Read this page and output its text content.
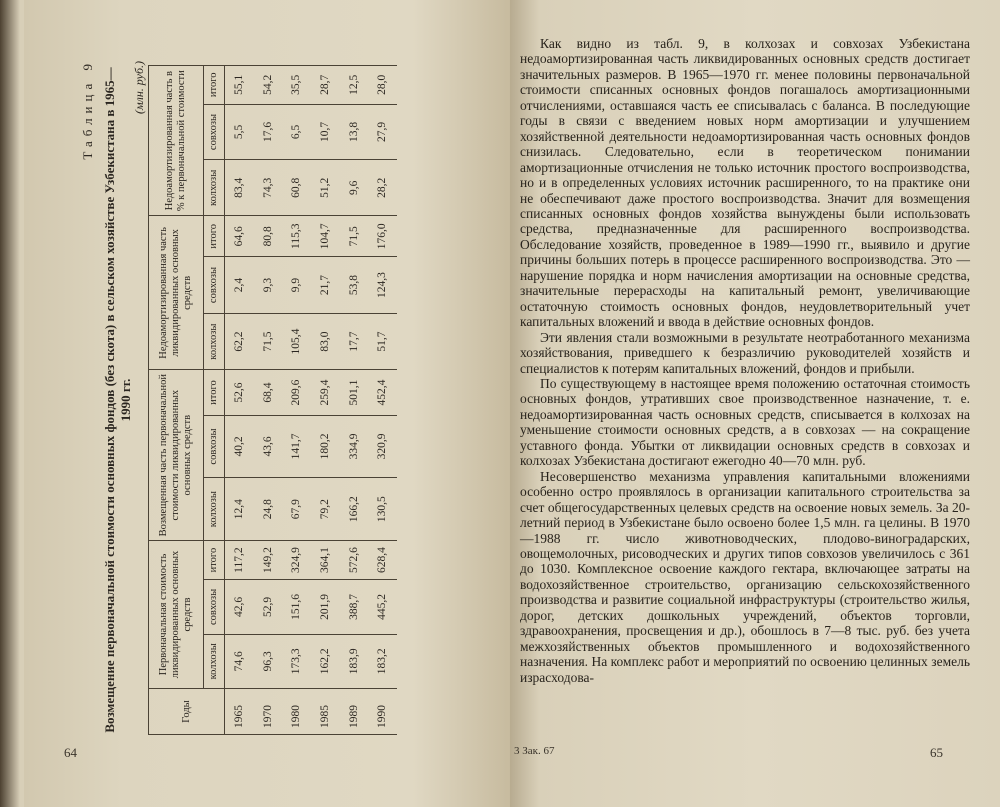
Таблица 9 Возмещение первоначальной стоимости основных фондов (без скота) в сельском хозяйстве Узбекистана в 1965—1990 гг.
(млн. руб.)
Годы	Первоначальная стоимость ликвидированных основных средств			Возмещенная часть первоначальной стоимости ликвидированных основных средств			Недоамортизированная часть ликвидированных основных средств			Недоамортизированная часть в % к первоначальной стоимости		
	колхозы	совхозы	итого	колхозы	совхозы	итого	колхозы	совхозы	итого	колхозы	совхозы	итого
1965	74,6	42,6	117,2	12,4	40,2	52,6	62,2	2,4	64,6	83,4	5,5	55,1
1970	96,3	52,9	149,2	24,8	43,6	68,4	71,5	9,3	80,8	74,3	17,6	54,2
1980	173,3	151,6	324,9	67,9	141,7	209,6	105,4	9,9	115,3	60,8	6,5	35,5
1985	162,2	201,9	364,1	79,2	180,2	259,4	83,0	21,7	104,7	51,2	10,7	28,7
1989	183,9	388,7	572,6	166,2	334,9	501,1	17,7	53,8	71,5	9,6	13,8	12,5
1990	183,2	445,2	628,4	130,5	320,9	452,4	51,7	124,3	176,0	28,2	27,9	28,0
64

Как видно из табл. 9, в колхозах и совхозах Узбекистана недоамортизированная часть ликвидированных основных средств достигает значительных размеров. В 1965—1970 гг. менее половины первоначальной стоимости списанных основных фондов погашалось амортизационными отчислениями, оставшаяся часть ее списывалась с баланса. В последующие годы в связи с введением новых норм амортизации и улучшением хозяйственной деятельности недоамортизированная часть основных фондов снизилась. Следовательно, если в теоретическом понимании амортизационные отчисления не только источник простого воспроизводства, но и в определенных условиях источник расширенного, то на практике они не обеспечивают даже простого воспроизводства. Значит для возмещения списанных основных фондов хозяйства вынуждены были использовать средства, предназначенные для расширенного воспроизводства. Обследование хозяйств, проведенное в 1989—1990 гг., выявило и другие причины больших потерь в процессе расширенного воспроизводства. Это — нарушение порядка и норм начисления амортизации на основные средства, значительные перерасходы на капитальный ремонт, увеличивающие остаточную стоимость основных фондов, неудовлетворительный учет капитальных вложений и ввода в действие основных фондов.

Эти явления стали возможными в результате неотработанного механизма хозяйствования, приведшего к безразличию руководителей хозяйств и специалистов к потерям капитальных вложений, фондов и прибыли.

По существующему в настоящее время положению остаточная стоимость основных фондов, утративших свое производственное назначение, т. е. недоамортизированная часть основных средств, списывается в колхозах на уменьшение стоимости основных средств, а в совхозах — на сокращение уставного фонда. Убытки от ликвидации основных средств в совхозах и колхозах Узбекистана достигают ежегодно 40—70 млн. руб.

Несовершенство механизма управления капитальными вложениями особенно остро проявлялось в организации капитального строительства за счет общегосударственных целевых средств на освоение новых земель. За 20-летний период в Узбекистане было освоено более 1,5 млн. га целины. В 1970—1988 гг. число животноводческих, плодово-виноградарских, овощемолочных, рисоводческих и других типов совхозов увеличилось с 361 до 1030. Комплексное освоение каждого гектара, включающее затраты на водохозяйственное строительство, организацию сельскохозяйственного производства и развитие социальной инфраструктуры (строительство жилья, дорог, детских дошкольных учреждений, объектов торговли, здравоохранения, просвещения и др.), обошлось в 7—8 тыс. руб. без учета межхозяйственных объектов промышленного и водохозяйственного назначения. На комплекс работ и мероприятий по освоению целинных земель израсходова-

3 Зак. 67	65
